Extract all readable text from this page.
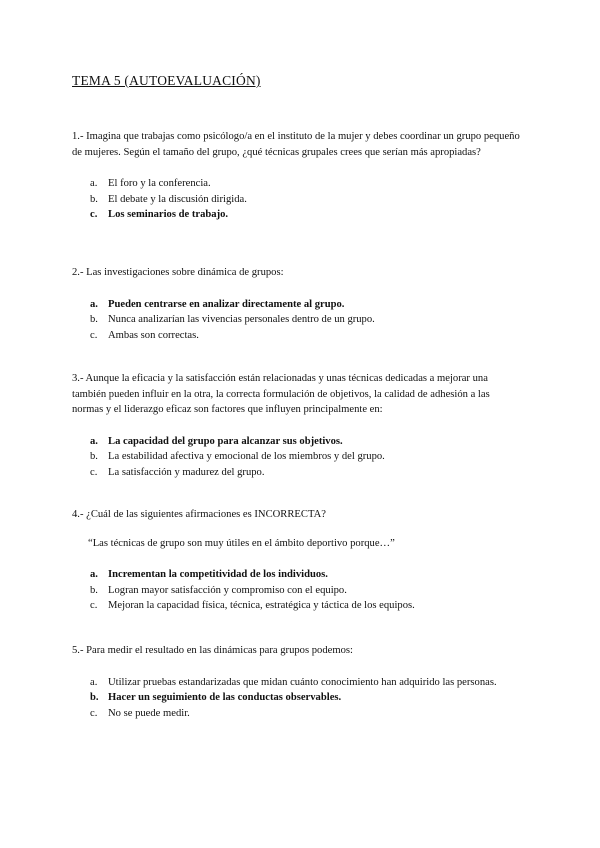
TEMA 5 (AUTOEVALUACIÓN)

1.- Imagina que trabajas como psicólogo/a en el instituto de la mujer y debes coordinar un grupo pequeño de mujeres. Según el tamaño del grupo, ¿qué técnicas grupales crees que serían más apropiadas?

a. El foro y la conferencia.
b. El debate y la discusión dirigida.
c. Los seminarios de trabajo.

2.- Las investigaciones sobre dinámica de grupos:

a. Pueden centrarse en analizar directamente al grupo.
b. Nunca analizarían las vivencias personales dentro de un grupo.
c. Ambas son correctas.

3.- Aunque la eficacia y la satisfacción están relacionadas y unas técnicas dedicadas a mejorar una también pueden influir en la otra, la correcta formulación de objetivos, la calidad de adhesión a las normas y el liderazgo eficaz son factores que influyen principalmente en:

a. La capacidad del grupo para alcanzar sus objetivos.
b. La estabilidad afectiva y emocional de los miembros y del grupo.
c. La satisfacción y madurez del grupo.

4.- ¿Cuál de las siguientes afirmaciones es INCORRECTA?

“Las técnicas de grupo son muy útiles en el ámbito deportivo porque…”

a. Incrementan la competitividad de los individuos.
b. Logran mayor satisfacción y compromiso con el equipo.
c. Mejoran la capacidad física, técnica, estratégica y táctica de los equipos.

5.- Para medir el resultado en las dinámicas para grupos podemos:

a. Utilizar pruebas estandarizadas que midan cuánto conocimiento han adquirido las personas.
b. Hacer un seguimiento de las conductas observables.
c. No se puede medir.
